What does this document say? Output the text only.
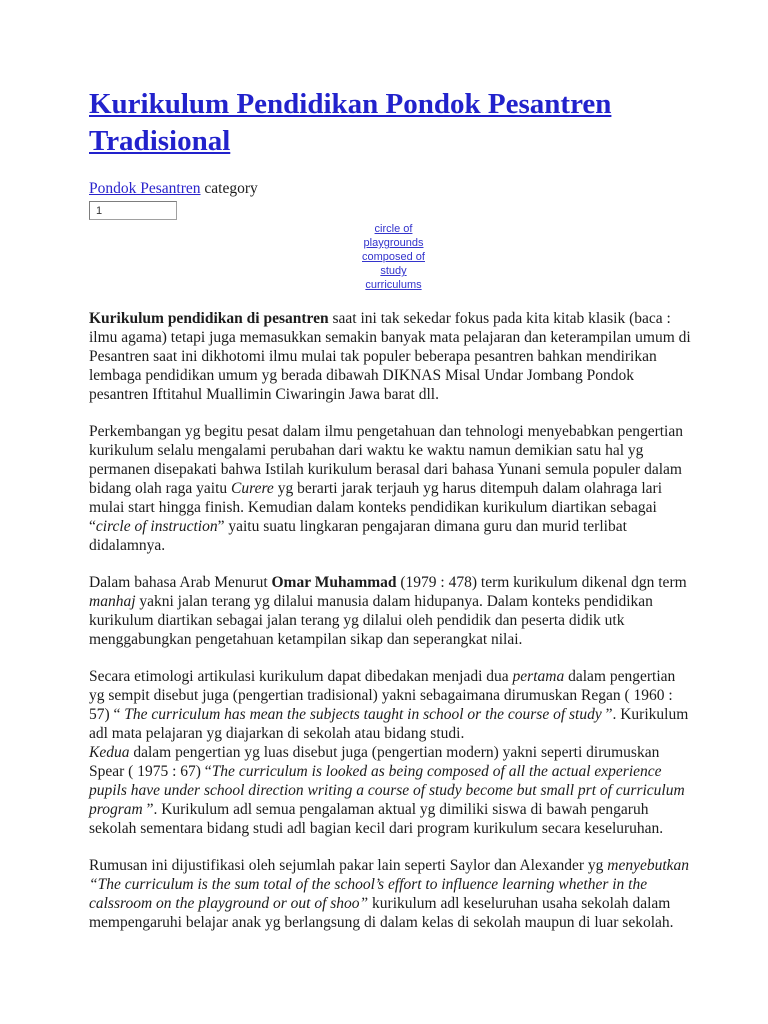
Kurikulum Pendidikan Pondok Pesantren Tradisional
Pondok Pesantren category
1
circle of playgrounds composed of study curriculums

Kurikulum pendidikan di pesantren saat ini tak sekedar fokus pada kita kitab klasik (baca : ilmu agama) tetapi juga memasukkan semakin banyak mata pelajaran dan keterampilan umum di Pesantren saat ini dikhotomi ilmu mulai tak populer beberapa pesantren bahkan mendirikan lembaga pendidikan umum yg berada dibawah DIKNAS Misal Undar Jombang Pondok pesantren Iftitahul Muallimin Ciwaringin Jawa barat dll.

Perkembangan yg begitu pesat dalam ilmu pengetahuan dan tehnologi menyebabkan pengertian kurikulum selalu mengalami perubahan dari waktu ke waktu namun demikian satu hal yg permanen disepakati bahwa Istilah kurikulum berasal dari bahasa Yunani semula populer dalam bidang olah raga yaitu Curere yg berarti jarak terjauh yg harus ditempuh dalam olahraga lari mulai start hingga finish. Kemudian dalam konteks pendidikan kurikulum diartikan sebagai “circle of instruction” yaitu suatu lingkaran pengajaran dimana guru dan murid terlibat didalamnya.

Dalam bahasa Arab Menurut Omar Muhammad (1979 : 478) term kurikulum dikenal dgn term manhaj yakni jalan terang yg dilalui manusia dalam hidupanya. Dalam konteks pendidikan kurikulum diartikan sebagai jalan terang yg dilalui oleh pendidik dan peserta didik utk menggabungkan pengetahuan ketampilan sikap dan seperangkat nilai.

Secara etimologi artikulasi kurikulum dapat dibedakan menjadi dua pertama dalam pengertian yg sempit disebut juga (pengertian tradisional) yakni sebagaimana dirumuskan Regan ( 1960 : 57) “ The curriculum has mean the subjects taught in school or the course of study ”. Kurikulum adl mata pelajaran yg diajarkan di sekolah atau bidang studi.
Kedua dalam pengertian yg luas disebut juga (pengertian modern) yakni seperti dirumuskan Spear ( 1975 : 67) “The curriculum is looked as being composed of all the actual experience pupils have under school direction writing a course of study become but small prt of curriculum program ”. Kurikulum adl semua pengalaman aktual yg dimiliki siswa di bawah pengaruh sekolah sementara bidang studi adl bagian kecil dari program kurikulum secara keseluruhan.

Rumusan ini dijustifikasi oleh sejumlah pakar lain seperti Saylor dan Alexander yg menyebutkan “The curriculum is the sum total of the school’s effort to influence learning whether in the calssroom on the playground or out of shoo” kurikulum adl keseluruhan usaha sekolah dalam mempengaruhi belajar anak yg berlangsung di dalam kelas di sekolah maupun di luar sekolah.
